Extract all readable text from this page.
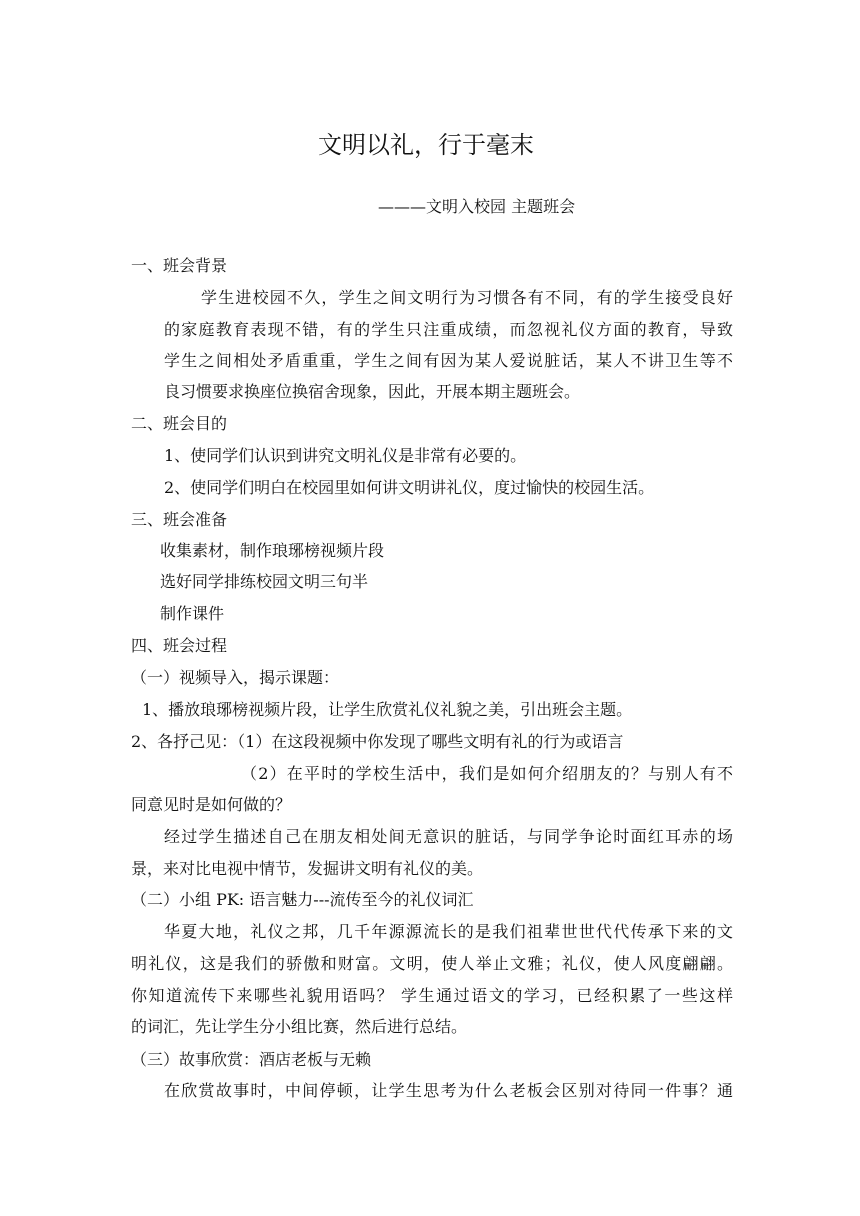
文明以礼，行于毫末
———文明入校园 主题班会
一、班会背景
学生进校园不久，学生之间文明行为习惯各有不同，有的学生接受良好
的家庭教育表现不错，有的学生只注重成绩，而忽视礼仪方面的教育，导致
学生之间相处矛盾重重，学生之间有因为某人爱说脏话，某人不讲卫生等不
良习惯要求换座位换宿舍现象，因此，开展本期主题班会。
二、班会目的
1、使同学们认识到讲究文明礼仪是非常有必要的。
2、使同学们明白在校园里如何讲文明讲礼仪，度过愉快的校园生活。
三、班会准备
收集素材，制作琅琊榜视频片段
选好同学排练校园文明三句半
制作课件
四、班会过程
（一）视频导入，揭示课题：
1、播放琅琊榜视频片段，让学生欣赏礼仪礼貌之美，引出班会主题。
2、各抒己见：（1）在这段视频中你发现了哪些文明有礼的行为或语言
（2）在平时的学校生活中，我们是如何介绍朋友的？与别人有不
同意见时是如何做的？
经过学生描述自己在朋友相处间无意识的脏话，与同学争论时面红耳赤的场
景，来对比电视中情节，发掘讲文明有礼仪的美。
（二）小组 PK: 语言魅力---流传至今的礼仪词汇
华夏大地，礼仪之邦，几千年源源流长的是我们祖辈世世代代传承下来的文
明礼仪，这是我们的骄傲和财富。文明，使人举止文雅；礼仪，使人风度翩翩。
你知道流传下来哪些礼貌用语吗？ 学生通过语文的学习，已经积累了一些这样
的词汇，先让学生分小组比赛，然后进行总结。
（三）故事欣赏：酒店老板与无赖
在欣赏故事时，中间停顿，让学生思考为什么老板会区别对待同一件事？通
